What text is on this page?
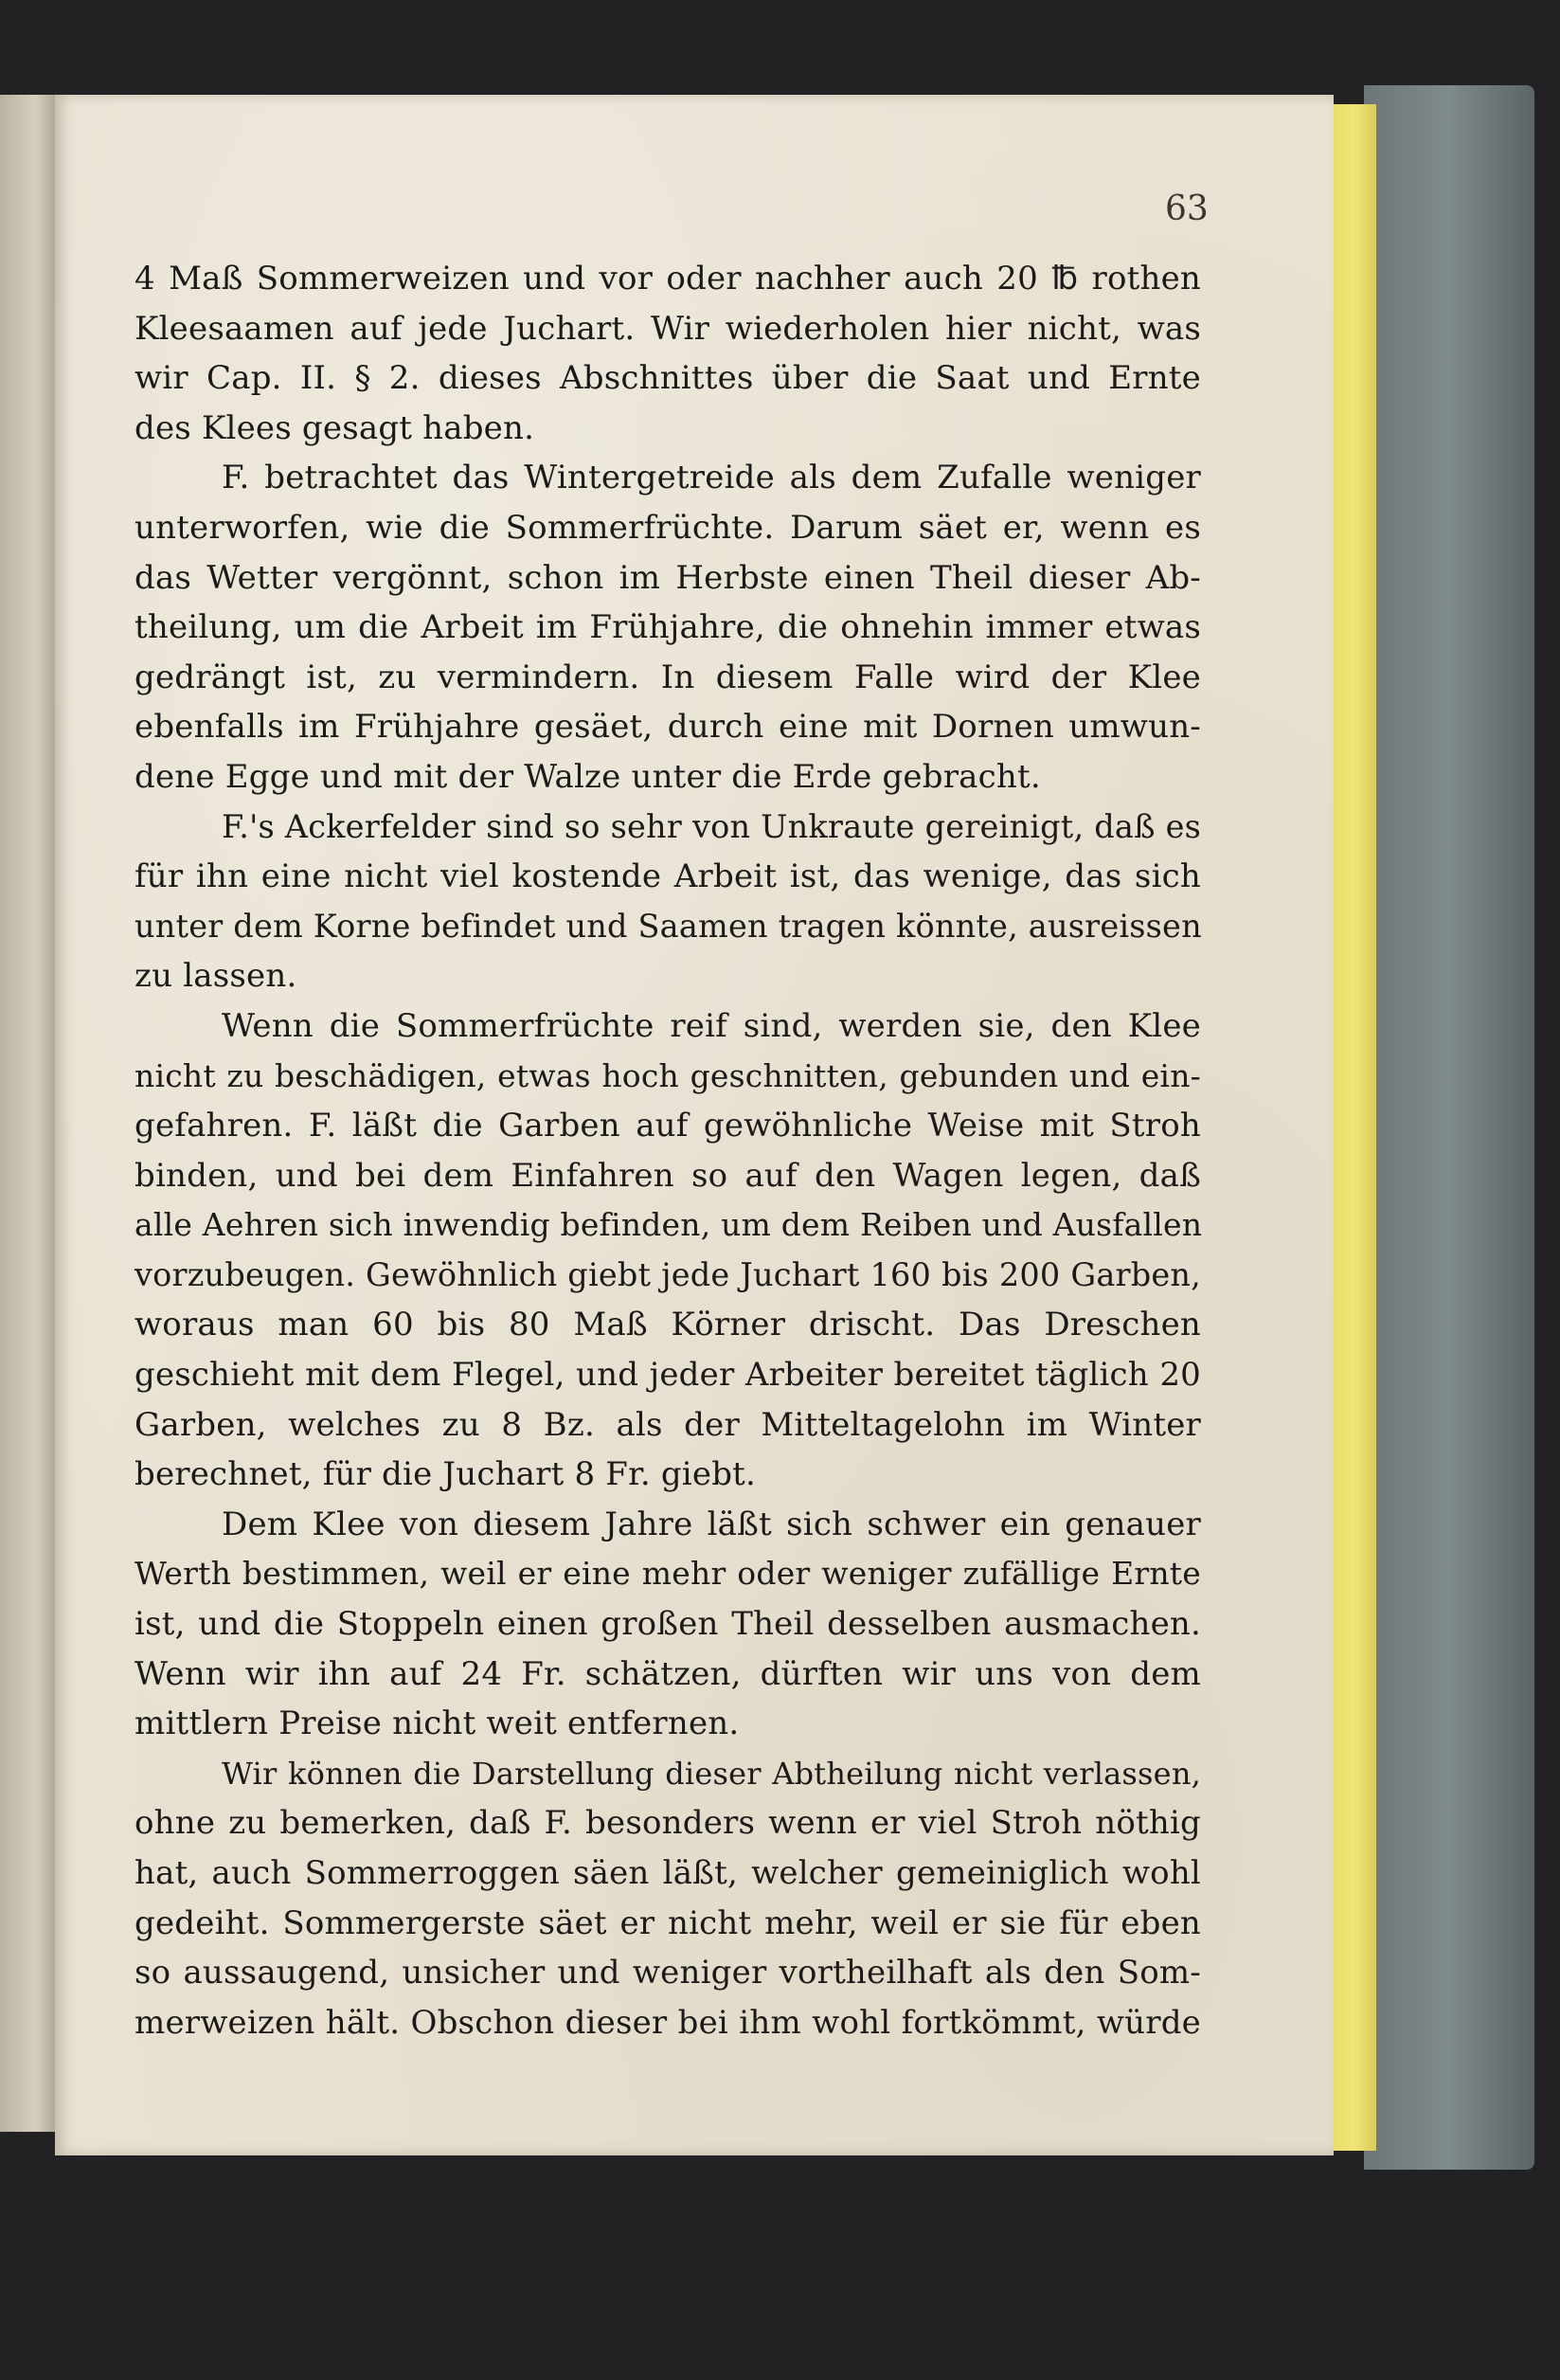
63
4 Maß Sommerweizen und vor oder nachher auch 20 ℔ rothen
Kleesaamen auf jede Juchart. Wir wiederholen hier nicht, was
wir Cap. II. § 2. dieses Abschnittes über die Saat und Ernte
des Klees gesagt haben.
F. betrachtet das Wintergetreide als dem Zufalle weniger
unterworfen, wie die Sommerfrüchte. Darum säet er, wenn es
das Wetter vergönnt, schon im Herbste einen Theil dieser Ab-
theilung, um die Arbeit im Frühjahre, die ohnehin immer etwas
gedrängt ist, zu vermindern. In diesem Falle wird der Klee
ebenfalls im Frühjahre gesäet, durch eine mit Dornen umwun-
dene Egge und mit der Walze unter die Erde gebracht.
F.'s Ackerfelder sind so sehr von Unkraute gereinigt, daß es
für ihn eine nicht viel kostende Arbeit ist, das wenige, das sich
unter dem Korne befindet und Saamen tragen könnte, ausreissen
zu lassen.
Wenn die Sommerfrüchte reif sind, werden sie, den Klee
nicht zu beschädigen, etwas hoch geschnitten, gebunden und ein-
gefahren. F. läßt die Garben auf gewöhnliche Weise mit Stroh
binden, und bei dem Einfahren so auf den Wagen legen, daß
alle Aehren sich inwendig befinden, um dem Reiben und Ausfallen
vorzubeugen. Gewöhnlich giebt jede Juchart 160 bis 200 Garben,
woraus man 60 bis 80 Maß Körner drischt. Das Dreschen
geschieht mit dem Flegel, und jeder Arbeiter bereitet täglich 20
Garben, welches zu 8 Bz. als der Mitteltagelohn im Winter
berechnet, für die Juchart 8 Fr. giebt.
Dem Klee von diesem Jahre läßt sich schwer ein genauer
Werth bestimmen, weil er eine mehr oder weniger zufällige Ernte
ist, und die Stoppeln einen großen Theil desselben ausmachen.
Wenn wir ihn auf 24 Fr. schätzen, dürften wir uns von dem
mittlern Preise nicht weit entfernen.
Wir können die Darstellung dieser Abtheilung nicht verlassen,
ohne zu bemerken, daß F. besonders wenn er viel Stroh nöthig
hat, auch Sommerroggen säen läßt, welcher gemeiniglich wohl
gedeiht. Sommergerste säet er nicht mehr, weil er sie für eben
so aussaugend, unsicher und weniger vortheilhaft als den Som-
merweizen hält. Obschon dieser bei ihm wohl fortkömmt, würde
